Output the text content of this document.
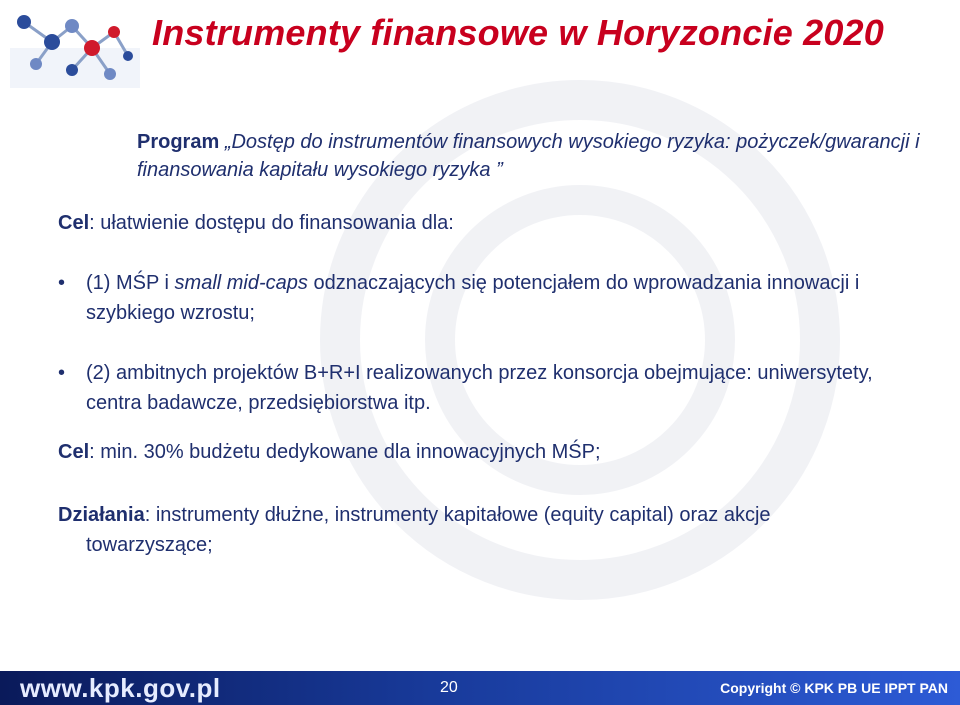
Instrumenty finansowe w Horyzoncie 2020
Program „Dostęp do instrumentów finansowych wysokiego ryzyka: pożyczek/gwarancji i finansowania kapitału wysokiego ryzyka ”
Cel: ułatwienie dostępu do finansowania dla:
• (1) MŚP i small mid-caps odznaczających się potencjałem do wprowadzania innowacji i szybkiego wzrostu;
• (2) ambitnych projektów B+R+I realizowanych przez konsorcja obejmujące: uniwersytety, centra badawcze, przedsiębiorstwa itp.
Cel: min. 30% budżetu dedykowane dla innowacyjnych MŚP;
Działania: instrumenty dłużne, instrumenty kapitałowe (equity capital) oraz akcje
towarzyszące;
www.kpk.gov.pl	20	Copyright © KPK PB UE IPPT PAN
